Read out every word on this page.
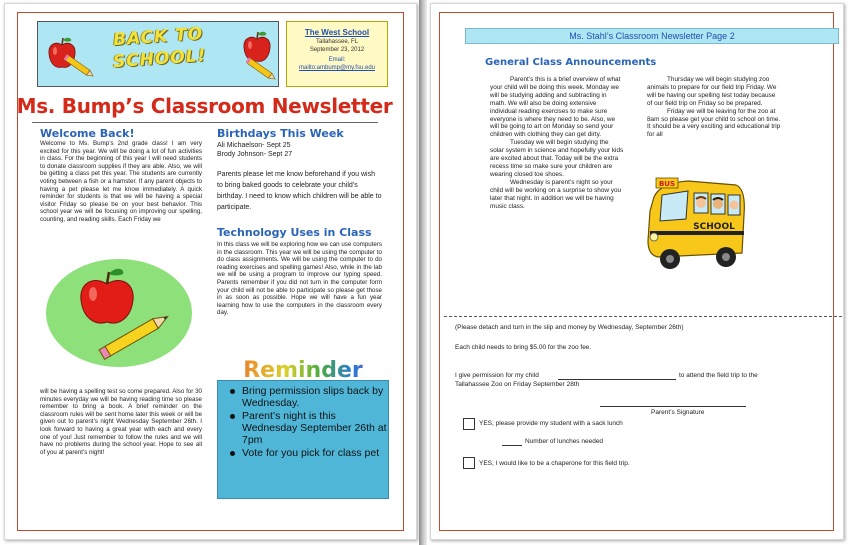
BACK TO
SCHOOL!
The West School
Tallahassee, FL
September 23, 2012
Email:
mailto:ambump@my.fsu.edu
Ms. Bump’s Classroom Newsletter
Welcome Back!
Welcome to Ms. Bump’s 2nd grade class! I am very excited for this year. We will be doing a lot of fun activities in class. For the beginning of this year I will need students to donate classroom supplies if they are able. Also, we will be getting a class pet this year. The students are currently voting between a fish or a hamster. If any parent objects to having a pet please let me know immediately. A quick reminder for students is that we will be having a special visitor Friday so please be on your best behavior. This school year we will be focusing on improving our spelling, counting, and reading skills. Each Friday we
will be having a spelling test so come prepared. Also for 30 minutes everyday we will be having reading time so please remember to bring a book. A brief reminder on the classroom rules will be sent home later this week or will be given out to parent’s night Wednesday September 26th. I look forward to having a great year with each and every one of you! Just remember to follow the rules and we will have no problems during the school year. Hope to see all of you at parent’s night!
Birthdays This Week
Ali Michaelson- Sept 25
Brody Johnson- Sept 27
Parents please let me know beforehand if you wish to bring baked goods to celebrate your child’s birthday. I need to know which children will be able to participate.
Technology Uses in Class
In this class we will be exploring how we can use computers in the classroom. This year we will be using the computer to do class assignments. We will be using the computer to do reading exercises and spelling games! Also, while in the lab we will be using a program to improve our typing speed. Parents remember if you did not turn in the computer form your child will not be able to participate so please get those in as soon as possible. Hope we will have a fun year learning how to use the computers in the classroom every day.
Bring permission slips back by Wednesday.
Parent’s night is this Wednesday September 26th at 7pm
Vote for you pick for class pet
Reminder
Ms. Stahl’s Classroom Newsletter Page 2
General Class Announcements

Parent’s this is a brief overview of what your child will be doing this week. Monday we will be studying adding and subtracting in math. We will also be doing extensive individual reading exercises to make sure everyone is where they need to be. Also, we will be going to art on Monday so send your children with clothing they can get dirty.

Tuesday we will begin studying the solar system in science and hopefully your kids are excited about that. Today will be the extra recess time so make sure your children are wearing closed toe shoes.

Wednesday is parent’s night so your child will be working on a surprise to show you later that night. In addition we will be having music class.

Thursday we will begin studying zoo animals to prepare for our field trip Friday. We will be having our spelling test today because of our field trip on Friday so be prepared.

Friday we will be leaving for the zoo at 8am so please get your child to school on time. It should be a very exciting and educational trip for all

BUS
SCHOOL
(Please detach and turn in the slip and money by Wednesday, September 26th)
Each child needs to bring $5.00 for the zoo fee.
I give permission for my child	to attend the field trip to the
Tallahassee Zoo on Friday September 28th
Parent’s Signature
YES, please provide my student with a sack lunch
Number of lunches needed
YES, I would like to be a chaperone for this field trip.
